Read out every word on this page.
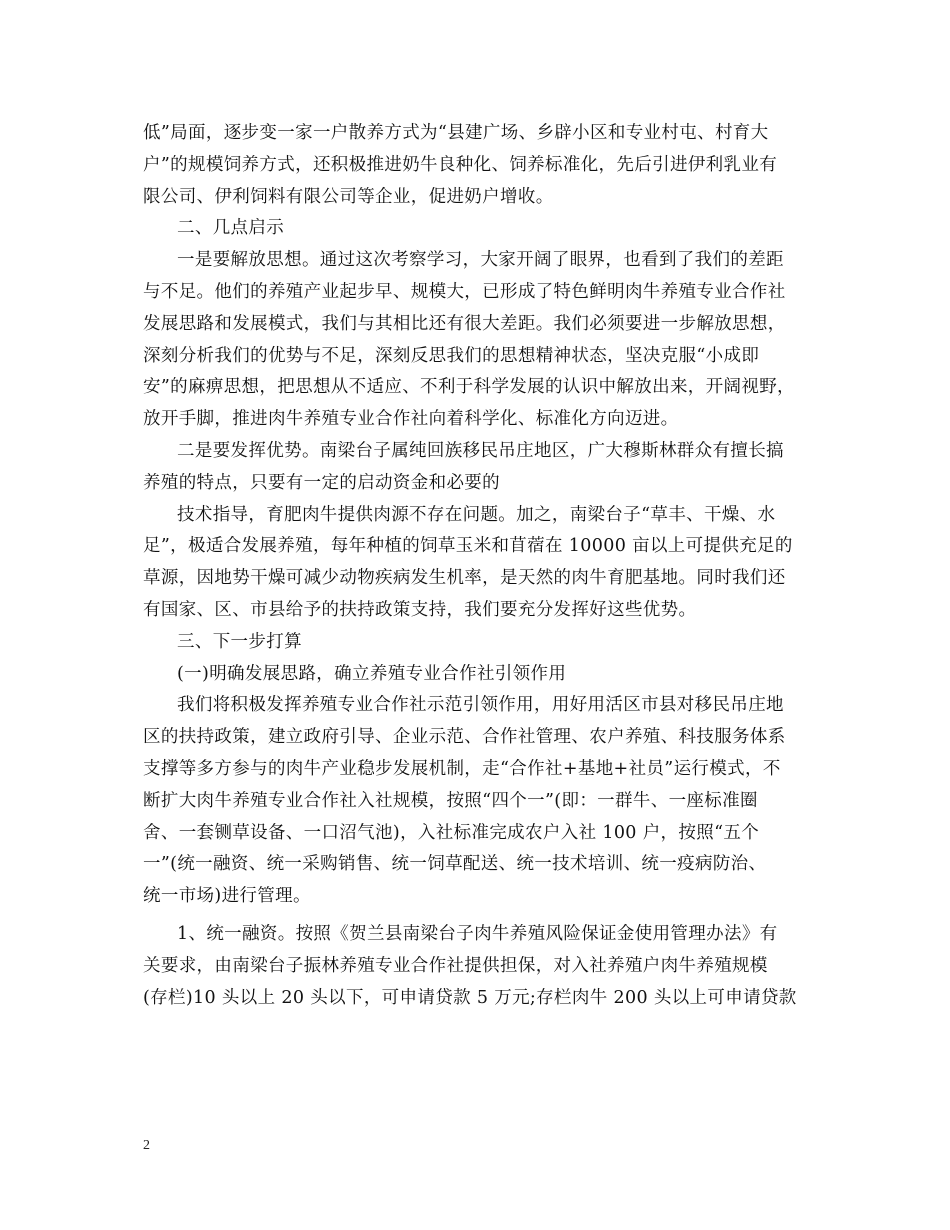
低”局面，逐步变一家一户散养方式为“县建广场、乡辟小区和专业村屯、村育大
户”的规模饲养方式，还积极推进奶牛良种化、饲养标准化，先后引进伊利乳业有
限公司、伊利饲料有限公司等企业，促进奶户增收。
二、几点启示
一是要解放思想。通过这次考察学习，大家开阔了眼界，也看到了我们的差距
与不足。他们的养殖产业起步早、规模大，已形成了特色鲜明肉牛养殖专业合作社
发展思路和发展模式，我们与其相比还有很大差距。我们必须要进一步解放思想，
深刻分析我们的优势与不足，深刻反思我们的思想精神状态，坚决克服“小成即
安”的麻痹思想，把思想从不适应、不利于科学发展的认识中解放出来，开阔视野，
放开手脚，推进肉牛养殖专业合作社向着科学化、标准化方向迈进。
二是要发挥优势。南梁台子属纯回族移民吊庄地区，广大穆斯林群众有擅长搞
养殖的特点，只要有一定的启动资金和必要的
技术指导，育肥肉牛提供肉源不存在问题。加之，南梁台子“草丰、干燥、水
足”，极适合发展养殖，每年种植的饲草玉米和苜蓿在 10000 亩以上可提供充足的
草源，因地势干燥可减少动物疾病发生机率，是天然的肉牛育肥基地。同时我们还
有国家、区、市县给予的扶持政策支持，我们要充分发挥好这些优势。
三、下一步打算
(一)明确发展思路，确立养殖专业合作社引领作用
我们将积极发挥养殖专业合作社示范引领作用，用好用活区市县对移民吊庄地
区的扶持政策，建立政府引导、企业示范、合作社管理、农户养殖、科技服务体系
支撑等多方参与的肉牛产业稳步发展机制，走“合作社+基地+社员”运行模式，不
断扩大肉牛养殖专业合作社入社规模，按照“四个一”(即：一群牛、一座标准圈
舍、一套铡草设备、一口沼气池)，入社标准完成农户入社 100 户，按照“五个
一”(统一融资、统一采购销售、统一饲草配送、统一技术培训、统一疫病防治、
统一市场)进行管理。
1、统一融资。按照《贺兰县南梁台子肉牛养殖风险保证金使用管理办法》有
关要求，由南梁台子振林养殖专业合作社提供担保，对入社养殖户肉牛养殖规模
(存栏)10 头以上 20 头以下，可申请贷款 5 万元;存栏肉牛 200 头以上可申请贷款
2
